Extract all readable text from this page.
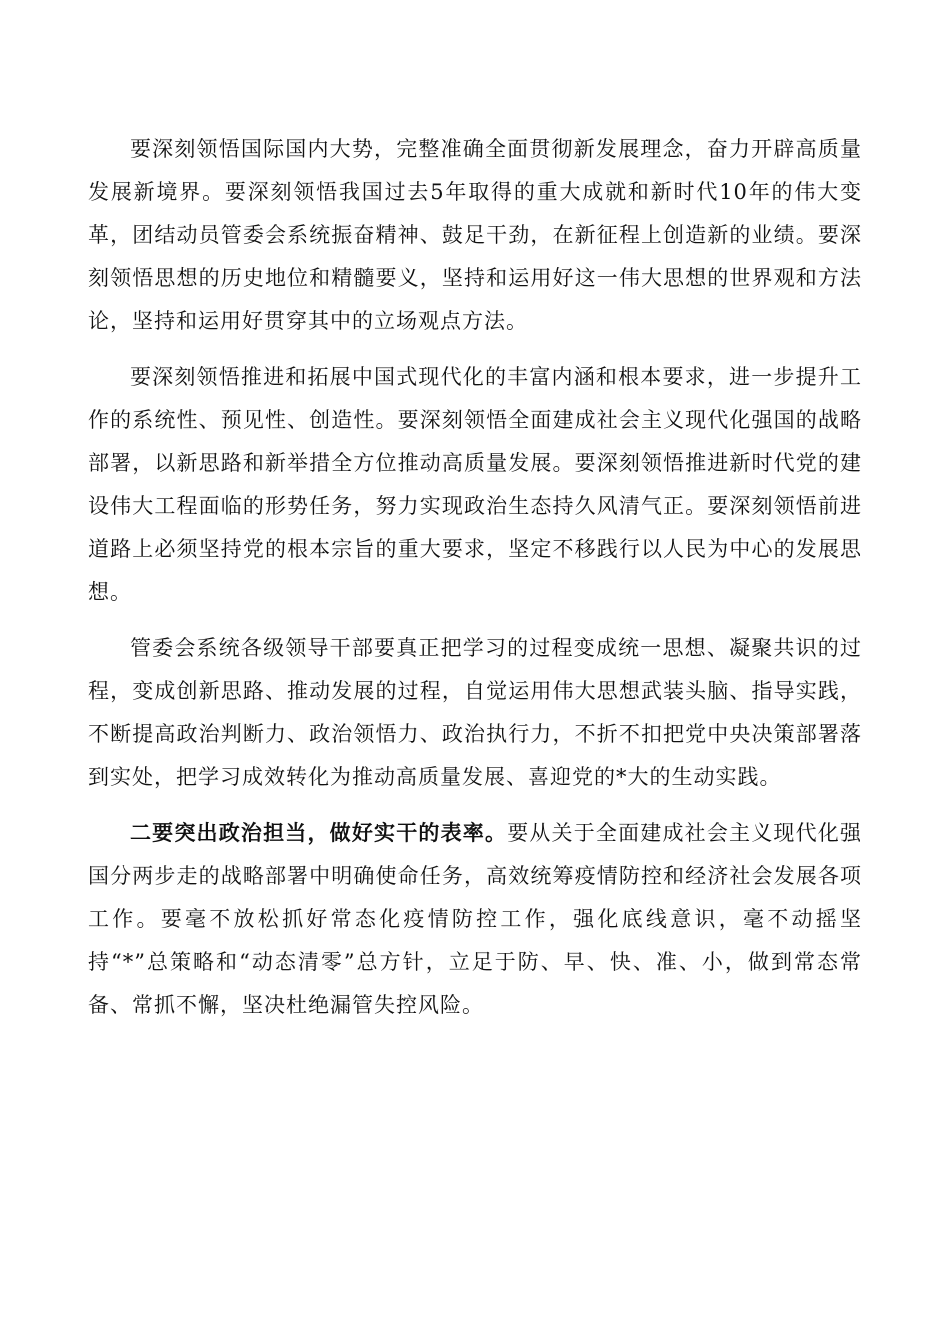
要深刻领悟国际国内大势，完整准确全面贯彻新发展理念，奋力开辟高质量发展新境界。要深刻领悟我国过去5年取得的重大成就和新时代10年的伟大变革，团结动员管委会系统振奋精神、鼓足干劲，在新征程上创造新的业绩。要深刻领悟思想的历史地位和精髓要义，坚持和运用好这一伟大思想的世界观和方法论，坚持和运用好贯穿其中的立场观点方法。

要深刻领悟推进和拓展中国式现代化的丰富内涵和根本要求，进一步提升工作的系统性、预见性、创造性。要深刻领悟全面建成社会主义现代化强国的战略部署，以新思路和新举措全方位推动高质量发展。要深刻领悟推进新时代党的建设伟大工程面临的形势任务，努力实现政治生态持久风清气正。要深刻领悟前进道路上必须坚持党的根本宗旨的重大要求，坚定不移践行以人民为中心的发展思想。

管委会系统各级领导干部要真正把学习的过程变成统一思想、凝聚共识的过程，变成创新思路、推动发展的过程，自觉运用伟大思想武装头脑、指导实践，不断提高政治判断力、政治领悟力、政治执行力，不折不扣把党中央决策部署落到实处，把学习成效转化为推动高质量发展、喜迎党的*大的生动实践。

二要突出政治担当，做好实干的表率。要从关于全面建成社会主义现代化强国分两步走的战略部署中明确使命任务，高效统筹疫情防控和经济社会发展各项工作。要毫不放松抓好常态化疫情防控工作，强化底线意识，毫不动摇坚持“*”总策略和“动态清零”总方针，立足于防、早、快、准、小，做到常态常备、常抓不懈，坚决杜绝漏管失控风险。
